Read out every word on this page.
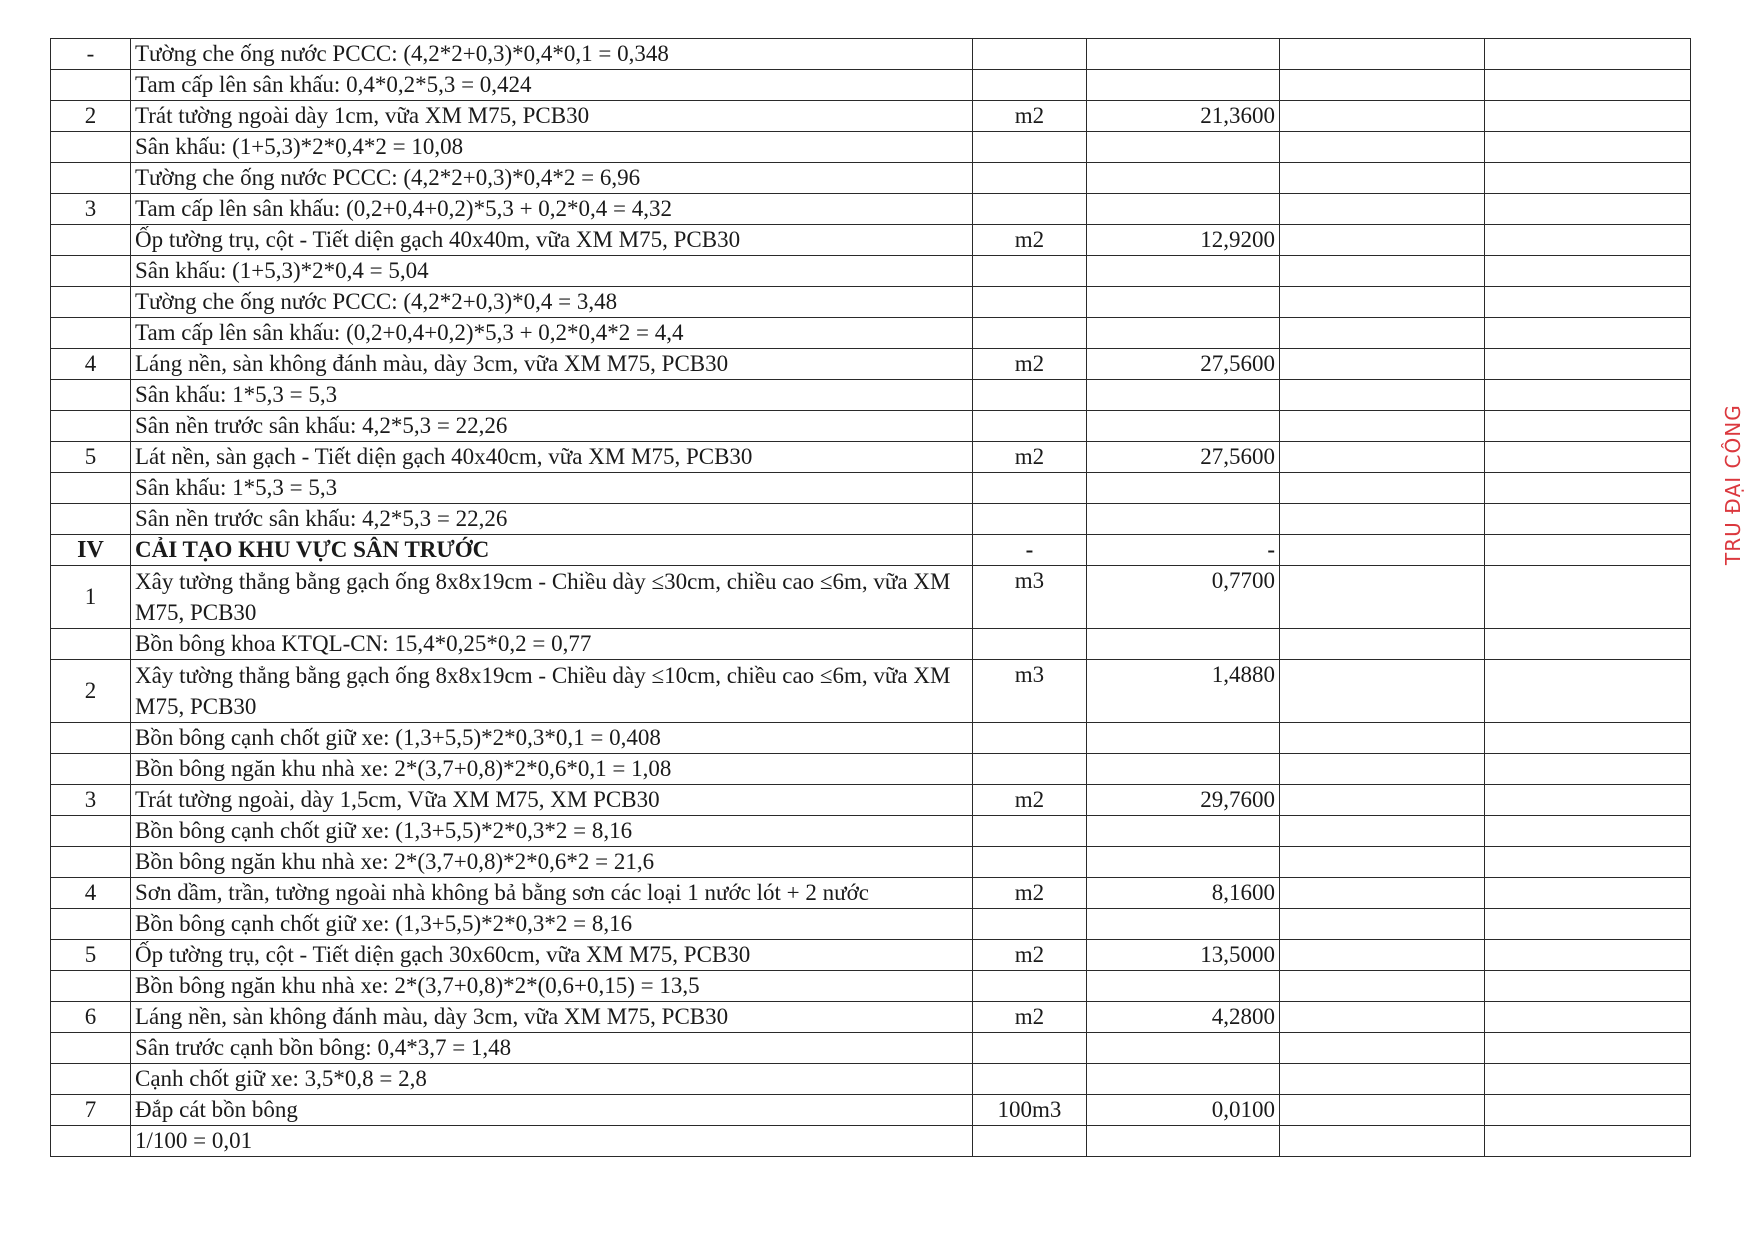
-	Tường che ống nước PCCC: (4,2*2+0,3)*0,4*0,1 = 0,348				
	Tam cấp lên sân khấu: 0,4*0,2*5,3 = 0,424				
2	Trát tường ngoài dày 1cm, vữa XM M75, PCB30	m2	21,3600		
	Sân khấu: (1+5,3)*2*0,4*2 = 10,08				
	Tường che ống nước PCCC: (4,2*2+0,3)*0,4*2 = 6,96				
3	Tam cấp lên sân khấu: (0,2+0,4+0,2)*5,3 + 0,2*0,4 = 4,32				
	Ốp tường trụ, cột - Tiết diện gạch 40x40m, vữa XM M75, PCB30	m2	12,9200		
	Sân khấu: (1+5,3)*2*0,4 = 5,04				
	Tường che ống nước PCCC: (4,2*2+0,3)*0,4 = 3,48				
	Tam cấp lên sân khấu: (0,2+0,4+0,2)*5,3 + 0,2*0,4*2 = 4,4				
4	Láng nền, sàn không đánh màu, dày 3cm, vữa XM M75, PCB30	m2	27,5600		
	Sân khấu: 1*5,3 = 5,3				
	Sân nền trước sân khấu: 4,2*5,3 = 22,26				
5	Lát nền, sàn gạch - Tiết diện gạch 40x40cm, vữa XM M75, PCB30	m2	27,5600		
	Sân khấu: 1*5,3 = 5,3				
	Sân nền trước sân khấu: 4,2*5,3 = 22,26				
IV	CẢI TẠO KHU VỰC SÂN TRƯỚC	-	-		
1	Xây tường thẳng bằng gạch ống 8x8x19cm - Chiều dày ≤30cm, chiều cao ≤6m, vữa XM M75, PCB30	m3	0,7700		
	Bồn bông khoa KTQL-CN: 15,4*0,25*0,2 = 0,77				
2	Xây tường thẳng bằng gạch ống 8x8x19cm - Chiều dày ≤10cm, chiều cao ≤6m, vữa XM M75, PCB30	m3	1,4880		
	Bồn bông cạnh chốt giữ xe: (1,3+5,5)*2*0,3*0,1 = 0,408				
	Bồn bông ngăn khu nhà xe: 2*(3,7+0,8)*2*0,6*0,1 = 1,08				
3	Trát tường ngoài, dày 1,5cm, Vữa XM M75, XM PCB30	m2	29,7600		
	Bồn bông cạnh chốt giữ xe: (1,3+5,5)*2*0,3*2 = 8,16				
	Bồn bông ngăn khu nhà xe: 2*(3,7+0,8)*2*0,6*2 = 21,6				
4	Sơn dầm, trần, tường ngoài nhà không bả bằng sơn các loại 1 nước lót + 2 nước	m2	8,1600		
	Bồn bông cạnh chốt giữ xe: (1,3+5,5)*2*0,3*2 = 8,16				
5	Ốp tường trụ, cột - Tiết diện gạch 30x60cm, vữa XM M75, PCB30	m2	13,5000		
	Bồn bông ngăn khu nhà xe: 2*(3,7+0,8)*2*(0,6+0,15) = 13,5				
6	Láng nền, sàn không đánh màu, dày 3cm, vữa XM M75, PCB30	m2	4,2800		
	Sân trước cạnh bồn bông: 0,4*3,7 = 1,48				
	Cạnh chốt giữ xe: 3,5*0,8 = 2,8				
7	Đắp cát bồn bông	100m3	0,0100		
	1/100 = 0,01				
TRU ĐẠI CÔNG
